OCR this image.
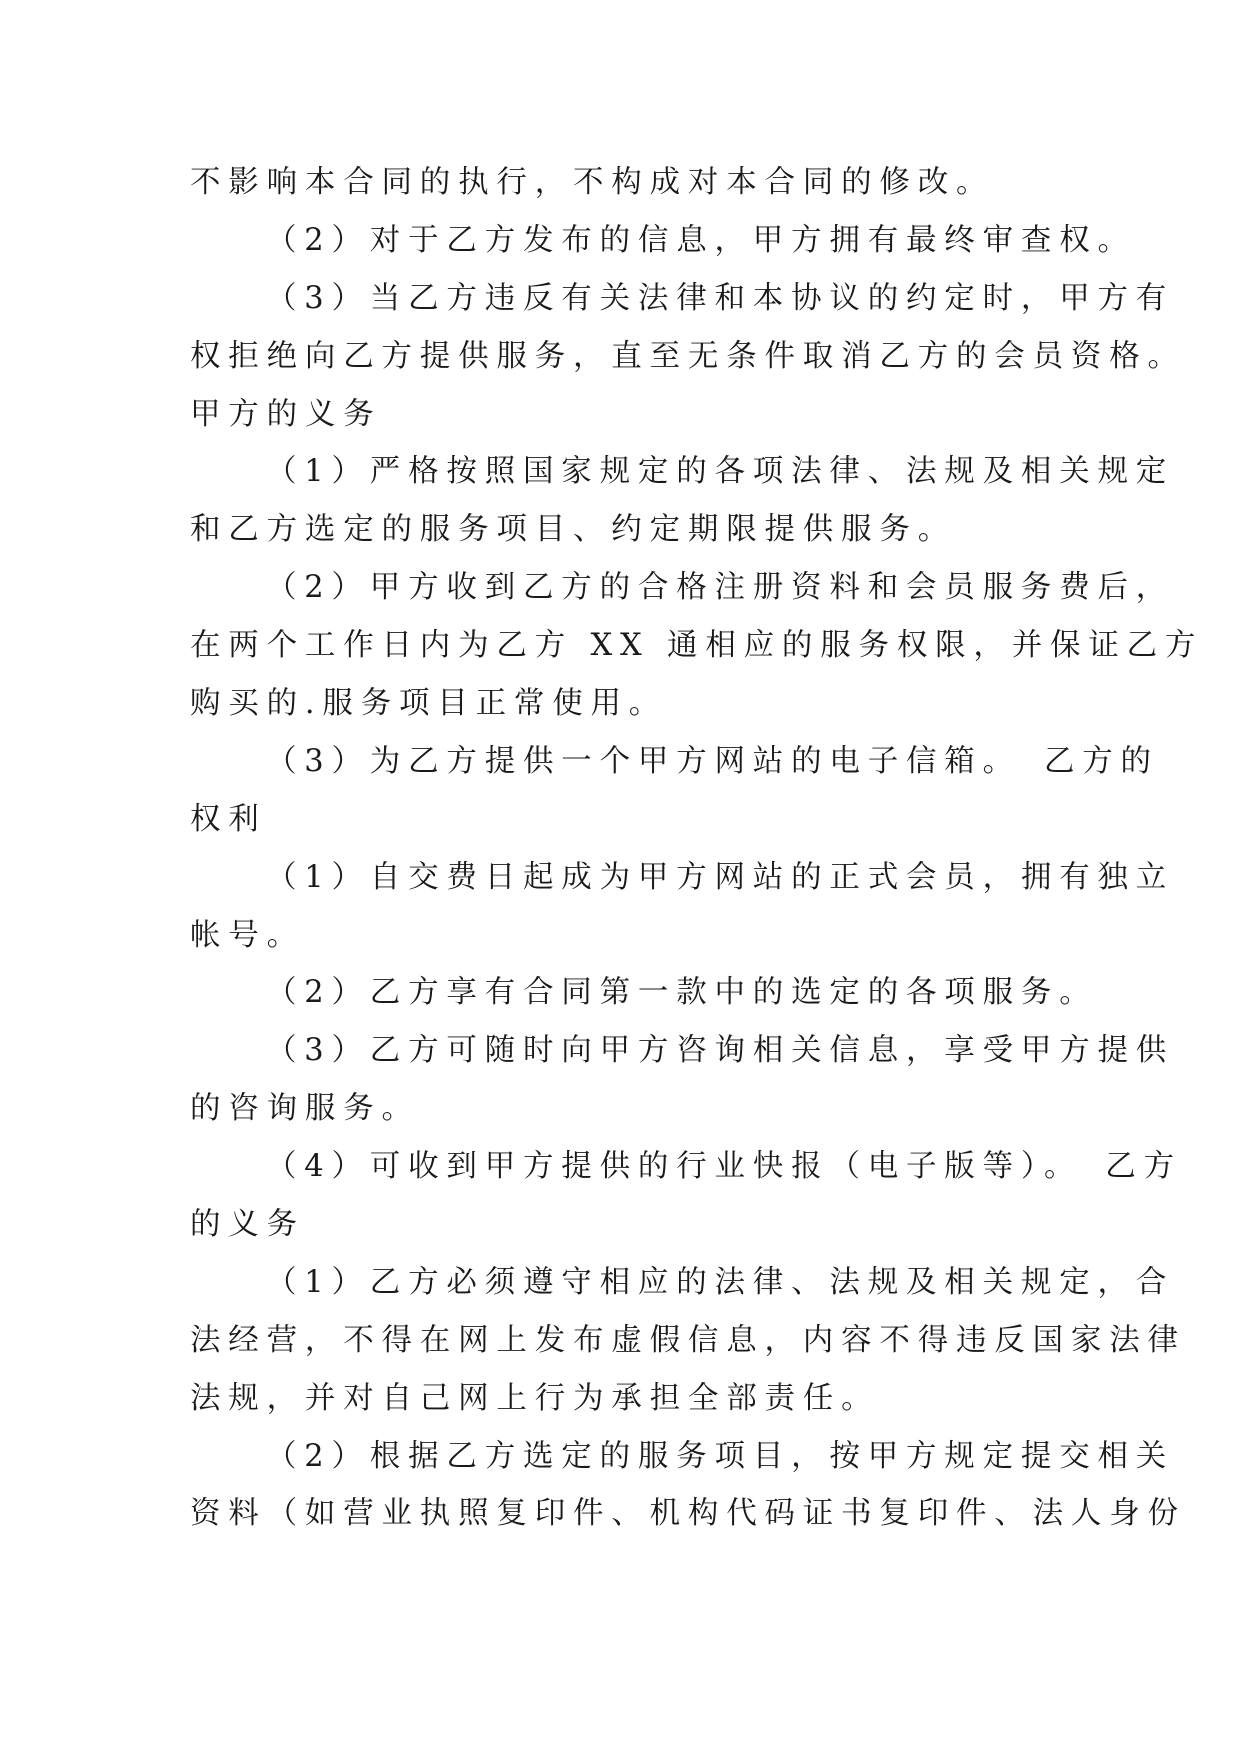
不影响本合同的执行，不构成对本合同的修改。
（2）对于乙方发布的信息，甲方拥有最终审查权。
（3）当乙方违反有关法律和本协议的约定时，甲方有
权拒绝向乙方提供服务，直至无条件取消乙方的会员资格。
甲方的义务
（1）严格按照国家规定的各项法律、法规及相关规定
和乙方选定的服务项目、约定期限提供服务。
（2）甲方收到乙方的合格注册资料和会员服务费后，
在两个工作日内为乙方 XX 通相应的服务权限，并保证乙方
购买的.服务项目正常使用。
（3）为乙方提供一个甲方网站的电子信箱。　乙方的
权利
（1）自交费日起成为甲方网站的正式会员，拥有独立
帐号。
（2）乙方享有合同第一款中的选定的各项服务。
（3）乙方可随时向甲方咨询相关信息，享受甲方提供
的咨询服务。
（4）可收到甲方提供的行业快报（电子版等）。　乙方
的义务
（1）乙方必须遵守相应的法律、法规及相关规定，合
法经营，不得在网上发布虚假信息，内容不得违反国家法律
法规，并对自己网上行为承担全部责任。
（2）根据乙方选定的服务项目，按甲方规定提交相关
资料（如营业执照复印件、机构代码证书复印件、法人身份
